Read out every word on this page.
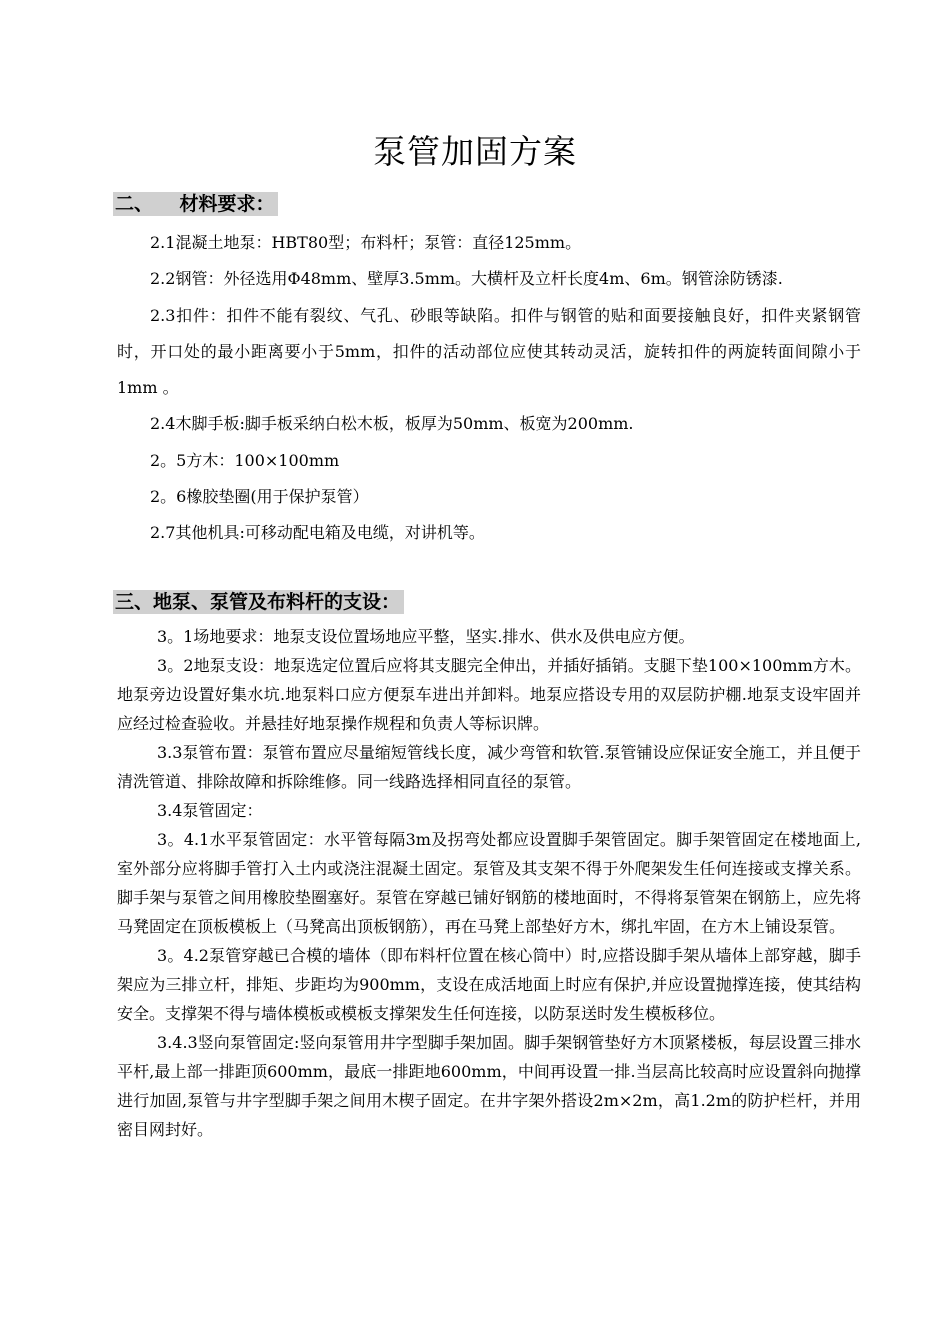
泵管加固方案
二、    材料要求：

2.1混凝土地泵：HBT80型；布料杆；泵管：直径125mm。

2.2钢管：外径选用Φ48mm、壁厚3.5mm。大横杆及立杆长度4m、6m。钢管涂防锈漆.

2.3扣件：扣件不能有裂纹、气孔、砂眼等缺陷。扣件与钢管的贴和面要接触良好，扣件夹紧钢管时，开口处的最小距离要小于5mm，扣件的活动部位应使其转动灵活，旋转扣件的两旋转面间隙小于1mm 。

2.4木脚手板:脚手板采纳白松木板，板厚为50mm、板宽为200mm.

2。5方木：100×100mm

2。6橡胶垫圈(用于保护泵管）

2.7其他机具:可移动配电箱及电缆，对讲机等。

三、地泵、泵管及布料杆的支设：

3。1场地要求：地泵支设位置场地应平整，坚实.排水、供水及供电应方便。

3。2地泵支设：地泵选定位置后应将其支腿完全伸出，并插好插销。支腿下垫100×100mm方木。地泵旁边设置好集水坑.地泵料口应方便泵车进出并卸料。地泵应搭设专用的双层防护棚.地泵支设牢固并应经过检查验收。并悬挂好地泵操作规程和负责人等标识牌。

3.3泵管布置：泵管布置应尽量缩短管线长度，减少弯管和软管.泵管铺设应保证安全施工，并且便于清洗管道、排除故障和拆除维修。同一线路选择相同直径的泵管。

3.4泵管固定：

3。4.1水平泵管固定：水平管每隔3m及拐弯处都应设置脚手架管固定。脚手架管固定在楼地面上,室外部分应将脚手管打入土内或浇注混凝土固定。泵管及其支架不得于外爬架发生任何连接或支撑关系。脚手架与泵管之间用橡胶垫圈塞好。泵管在穿越已铺好钢筋的楼地面时，不得将泵管架在钢筋上，应先将马凳固定在顶板模板上（马凳高出顶板钢筋），再在马凳上部垫好方木，绑扎牢固，在方木上铺设泵管。

3。4.2泵管穿越已合模的墙体（即布料杆位置在核心筒中）时,应搭设脚手架从墙体上部穿越，脚手架应为三排立杆，排矩、步距均为900mm，支设在成活地面上时应有保护,并应设置抛撑连接，使其结构安全。支撑架不得与墙体模板或模板支撑架发生任何连接，以防泵送时发生模板移位。

3.4.3竖向泵管固定:竖向泵管用井字型脚手架加固。脚手架钢管垫好方木顶紧楼板，每层设置三排水平杆,最上部一排距顶600mm，最底一排距地600mm，中间再设置一排.当层高比较高时应设置斜向抛撑进行加固,泵管与井字型脚手架之间用木楔子固定。在井字架外搭设2m×2m，高1.2m的防护栏杆，并用密目网封好。
